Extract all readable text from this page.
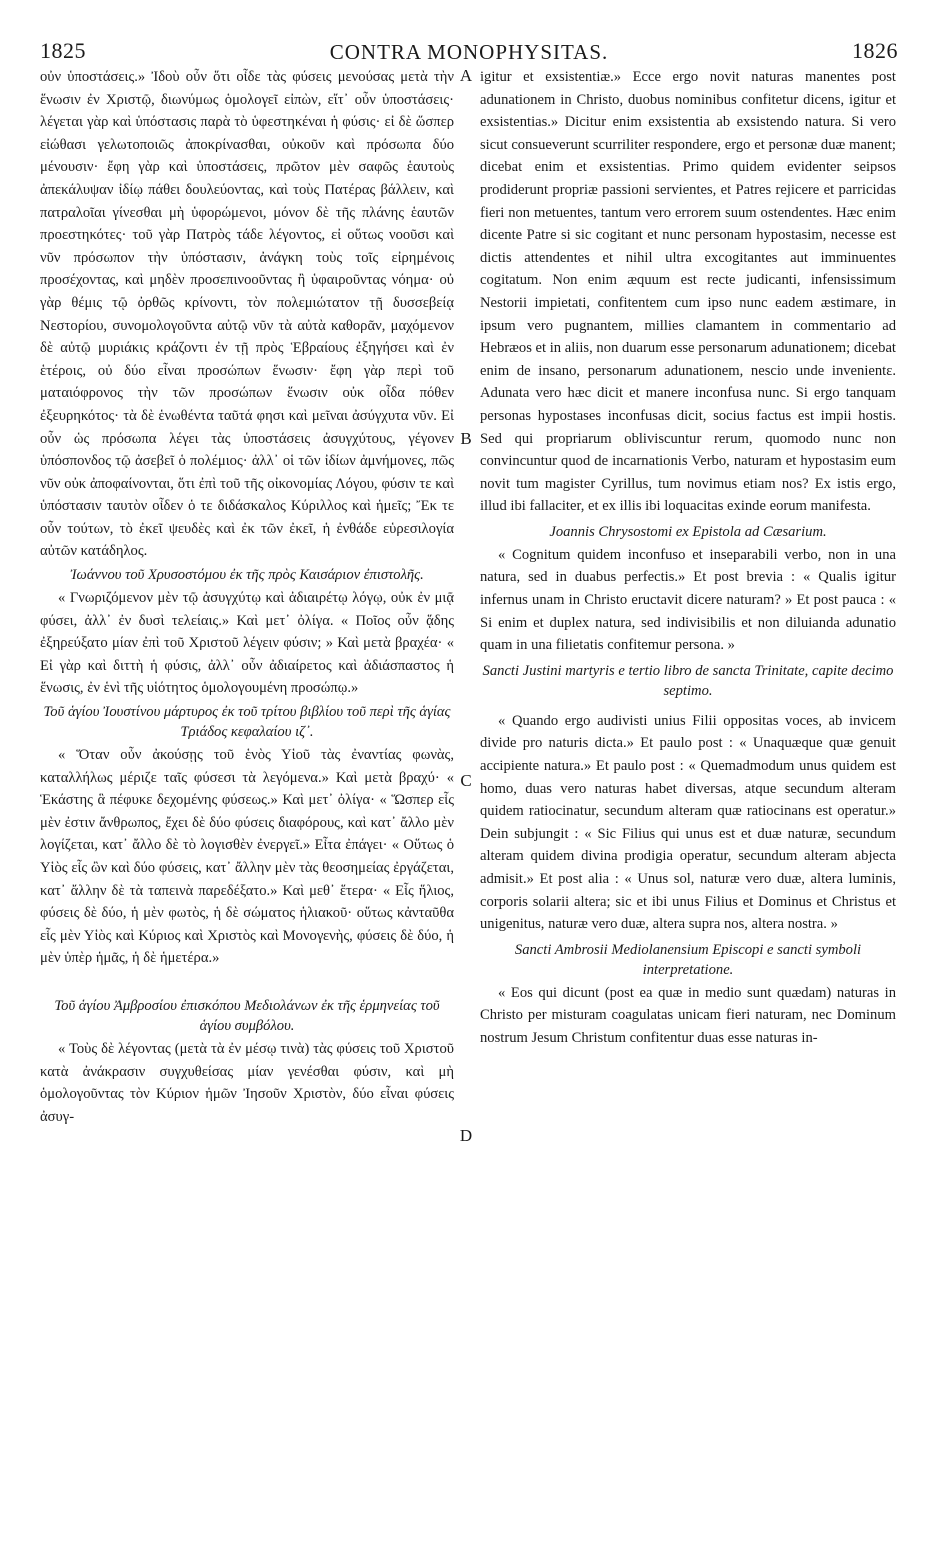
1825	CONTRA MONOPHYSITAS.	1826
A
B
C
D

οὐν ὑποστάσεις.» Ἰδοὺ οὖν ὅτι οἶδε τὰς φύσεις μενούσας μετὰ τὴν ἕνωσιν ἐν Χριστῷ, διωνύμως ὁμολογεῖ εἰπὼν, εἴτ᾽ οὖν ὑποστάσεις· λέγεται γὰρ καὶ ὑπόστασις παρὰ τὸ ὑφεστηκέναι ἡ φύσις· εἰ δὲ ὥσπερ εἰώθασι γελωτοποιῶς ἀποκρίνασθαι, οὐκοῦν καὶ πρόσωπα δύο μένουσιν· ἔφη γὰρ καὶ ὑποστάσεις, πρῶτον μὲν σαφῶς ἑαυτοὺς ἀπεκάλυψαν ἰδίῳ πάθει δουλεύοντας, καὶ τοὺς Πατέρας βάλλειν, καὶ πατραλοῖαι γίνεσθαι μὴ ὑφορώμενοι, μόνον δὲ τῆς πλάνης ἑαυτῶν προεστηκότες· τοῦ γὰρ Πατρὸς τάδε λέγοντος, εἰ οὕτως νοοῦσι καὶ νῦν πρόσωπον τὴν ὑπόστασιν, ἀνάγκη τοὺς τοῖς εἰρημένοις προσέχοντας, καὶ μηδὲν προσεπινοοῦντας ἢ ὑφαιροῦντας νόημα· οὐ γὰρ θέμις τῷ ὀρθῶς κρίνοντι, τὸν πολεμιώτατον τῇ δυσσεβείᾳ Νεστορίου, συνομολογοῦντα αὐτῷ νῦν τὰ αὐτὰ καθορᾶν, μαχόμενον δὲ αὐτῷ μυριάκις κράζοντι ἐν τῇ πρὸς Ἑβραίους ἐξηγήσει καὶ ἐν ἑτέροις, οὐ δύο εἶναι προσώπων ἕνωσιν· ἔφη γὰρ περὶ τοῦ ματαιόφρονος τὴν τῶν προσώπων ἕνωσιν οὐκ οἶδα πόθεν ἐξευρηκότος· τὰ δὲ ἑνωθέντα ταῦτά φησι καὶ μεῖναι ἀσύγχυτα νῦν. Εἰ οὖν ὡς πρόσωπα λέγει τὰς ὑποστάσεις ἀσυγχύτους, γέγονεν ὑπόσπονδος τῷ ἀσεβεῖ ὁ πολέμιος· ἀλλ᾽ οἱ τῶν ἰδίων ἀμνήμονες, πῶς νῦν οὐκ ἀποφαίνονται, ὅτι ἐπὶ τοῦ τῆς οἰκονομίας Λόγου, φύσιν τε καὶ ὑπόστασιν ταυτὸν οἶδεν ὁ τε διδάσκαλος Κύριλλος καὶ ἡμεῖς; Ἔκ τε οὖν τούτων, τὸ ἐκεῖ ψευδὲς καὶ ἐκ τῶν ἐκεῖ, ἡ ἐνθάδε εὑρεσιλογία αὐτῶν κατάδηλος.

Ἰωάννου τοῦ Χρυσοστόμου ἐκ τῆς πρὸς Καισάριον ἐπιστολῆς.

« Γνωριζόμενον μὲν τῷ ἀσυγχύτῳ καὶ ἀδιαιρέτῳ λόγῳ, οὐκ ἐν μιᾷ φύσει, ἀλλ᾽ ἐν δυσὶ τελείαις.» Καὶ μετ᾽ ὀλίγα. « Ποῖος οὖν ᾅδης ἐξηρεύξατο μίαν ἐπὶ τοῦ Χριστοῦ λέγειν φύσιν; » Καὶ μετὰ βραχέα· « Εἰ γὰρ καὶ διττὴ ἡ φύσις, ἀλλ᾽ οὖν ἀδιαίρετος καὶ ἀδιάσπαστος ἡ ἕνωσις, ἐν ἑνὶ τῆς υἱότητος ὁμολογουμένη προσώπῳ.»

Τοῦ ἁγίου Ἰουστίνου μάρτυρος ἐκ τοῦ τρίτου βιβλίου τοῦ περὶ τῆς ἁγίας Τριάδος κεφαλαίου ιζ᾽.

« Ὅταν οὖν ἀκούσῃς τοῦ ἑνὸς Υἱοῦ τὰς ἐναντίας φωνὰς, καταλλήλως μέριζε ταῖς φύσεσι τὰ λεγόμενα.» Καὶ μετὰ βραχύ· « Ἑκάστης ἃ πέφυκε δεχομένης φύσεως.» Καὶ μετ᾽ ὀλίγα· « Ὥσπερ εἷς μὲν ἐστιν ἄνθρωπος, ἔχει δὲ δύο φύσεις διαφόρους, καὶ κατ᾽ ἄλλο μὲν λογίζεται, κατ᾽ ἄλλο δὲ τὸ λογισθὲν ἐνεργεῖ.» Εἶτα ἐπάγει· « Οὕτως ὁ Υἱὸς εἷς ὢν καὶ δύο φύσεις, κατ᾽ ἄλλην μὲν τὰς θεοσημείας ἐργάζεται, κατ᾽ ἄλλην δὲ τὰ ταπεινὰ παρεδέξατο.» Καὶ μεθ᾽ ἕτερα· « Εἷς ἥλιος, φύσεις δὲ δύο, ἡ μὲν φωτὸς, ἡ δὲ σώματος ἡλιακοῦ· οὕτως κἀνταῦθα εἷς μὲν Υἱὸς καὶ Κύριος καὶ Χριστὸς καὶ Μονογενὴς, φύσεις δὲ δύο, ἡ μὲν ὑπὲρ ἡμᾶς, ἡ δὲ ἡμετέρα.»

Τοῦ ἁγίου Ἀμβροσίου ἐπισκόπου Μεδιολάνων ἐκ τῆς ἑρμηνείας τοῦ ἁγίου συμβόλου.

« Τοὺς δὲ λέγοντας (μετὰ τὰ ἐν μέσῳ τινὰ) τὰς φύσεις τοῦ Χριστοῦ κατὰ ἀνάκρασιν συγχυθείσας μίαν γενέσθαι φύσιν, καὶ μὴ ὁμολογοῦντας τὸν Κύριον ἡμῶν Ἰησοῦν Χριστὸν, δύο εἶναι φύσεις ἀσυγ-

igitur et exsistentiæ.» Ecce ergo novit naturas manentes post adunationem in Christo, duobus nominibus confitetur dicens, igitur et exsistentias.» Dicitur enim exsistentia ab exsistendo natura. Si vero sicut consueverunt scurriliter respondere, ergo et personæ duæ manent; dicebat enim et exsistentias. Primo quidem evidenter seipsos prodiderunt propriæ passioni servientes, et Patres rejicere et parricidas fieri non metuentes, tantum vero errorem suum ostendentes. Hæc enim dicente Patre si sic cogitant et nunc personam hypostasim, necesse est dictis attendentes et nihil ultra excogitantes aut imminuentes cogitatum. Non enim æquum est recte judicanti, infensissimum Nestorii impietati, confitentem cum ipso nunc eadem æstimare, in ipsum vero pugnantem, millies clamantem in commentario ad Hebræos et in aliis, non duarum esse personarum adunationem; dicebat enim de insano, personarum adunationem, nescio unde invenientε. Adunata vero hæc dicit et manere inconfusa nunc. Si ergo tanquam personas hypostases inconfusas dicit, socius factus est impii hostis. Sed qui propriarum obliviscuntur rerum, quomodo nunc non convincuntur quod de incarnationis Verbo, naturam et hypostasim eum novit tum magister Cyrillus, tum novimus etiam nos? Ex istis ergo, illud ibi fallaciter, et ex illis ibi loquacitas exinde eorum manifesta.

Joannis Chrysostomi ex Epistola ad Cæsarium.

« Cognitum quidem inconfuso et inseparabili verbo, non in una natura, sed in duabus perfectis.» Et post brevia : « Qualis igitur infernus unam in Christo eructavit dicere naturam? » Et post pauca : « Si enim et duplex natura, sed indivisibilis et non diluianda adunatio quam in una filietatis confitemur persona. »

Sancti Justini martyris e tertio libro de sancta Trinitate, capite decimo septimo.

« Quando ergo audivisti unius Filii oppositas voces, ab invicem divide pro naturis dicta.» Et paulo post : « Unaquæque quæ genuit accipiente natura.» Et paulo post : « Quemadmodum unus quidem est homo, duas vero naturas habet diversas, atque secundum alteram quidem ratiocinatur, secundum alteram quæ ratiocinans est operatur.» Dein subjungit : « Sic Filius qui unus est et duæ naturæ, secundum alteram quidem divina prodigia operatur, secundum alteram abjecta admisit.» Et post alia : « Unus sol, naturæ vero duæ, altera luminis, corporis solarii altera; sic et ibi unus Filius et Dominus et Christus et unigenitus, naturæ vero duæ, altera supra nos, altera nostra. »

Sancti Ambrosii Mediolanensium Episcopi e sancti symboli interpretatione.

« Eos qui dicunt (post ea quæ in medio sunt quædam) naturas in Christo per misturam coagulatas unicam fieri naturam, nec Dominum nostrum Jesum Christum confitentur duas esse naturas in-
